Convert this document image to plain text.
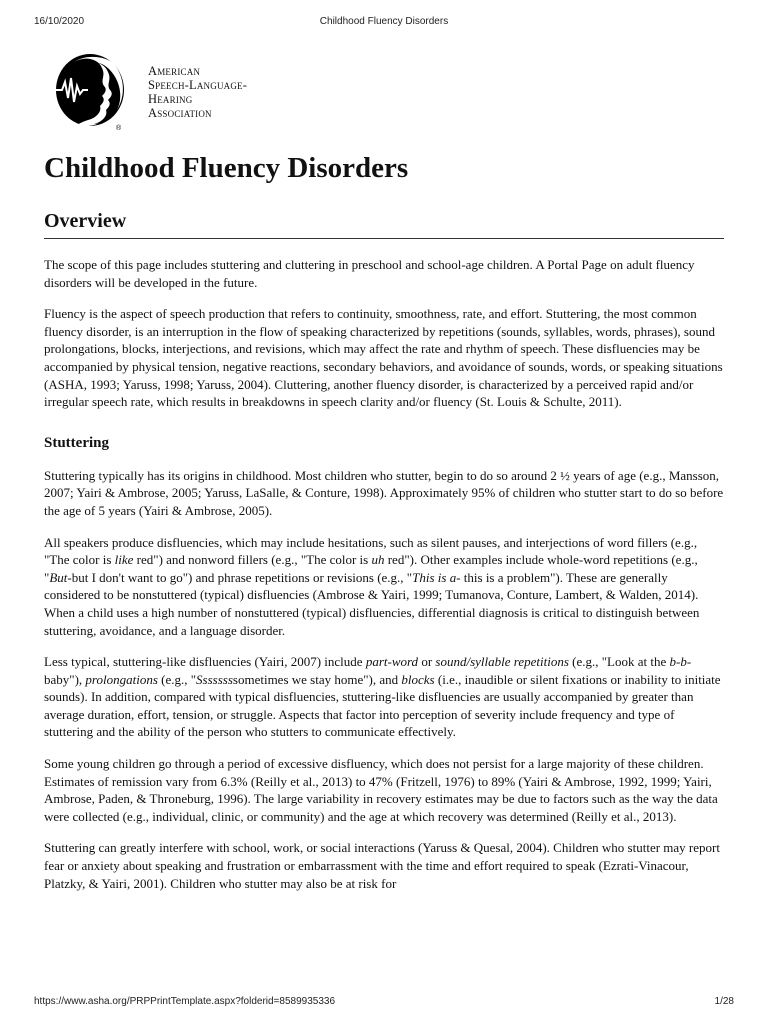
16/10/2020	Childhood Fluency Disorders
®
American
Speech-Language-
Hearing
Association
Childhood Fluency Disorders
Overview

The scope of this page includes stuttering and cluttering in preschool and school-age children. A Portal Page on adult fluency disorders will be developed in the future.

Fluency is the aspect of speech production that refers to continuity, smoothness, rate, and effort. Stuttering, the most common fluency disorder, is an interruption in the flow of speaking characterized by repetitions (sounds, syllables, words, phrases), sound prolongations, blocks, interjections, and revisions, which may affect the rate and rhythm of speech. These disfluencies may be accompanied by physical tension, negative reactions, secondary behaviors, and avoidance of sounds, words, or speaking situations (ASHA, 1993; Yaruss, 1998; Yaruss, 2004). Cluttering, another fluency disorder, is characterized by a perceived rapid and/or irregular speech rate, which results in breakdowns in speech clarity and/or fluency (St. Louis & Schulte, 2011).

Stuttering

Stuttering typically has its origins in childhood. Most children who stutter, begin to do so around 2 ½ years of age (e.g., Mansson, 2007; Yairi & Ambrose, 2005; Yaruss, LaSalle, & Conture, 1998). Approximately 95% of children who stutter start to do so before the age of 5 years (Yairi & Ambrose, 2005).

All speakers produce disfluencies, which may include hesitations, such as silent pauses, and interjections of word fillers (e.g., "The color is like red") and nonword fillers (e.g., "The color is uh red"). Other examples include whole-word repetitions (e.g., "But-but I don't want to go") and phrase repetitions or revisions (e.g., "This is a- this is a problem"). These are generally considered to be nonstuttered (typical) disfluencies (Ambrose & Yairi, 1999; Tumanova, Conture, Lambert, & Walden, 2014). When a child uses a high number of nonstuttered (typical) disfluencies, differential diagnosis is critical to distinguish between stuttering, avoidance, and a language disorder.

Less typical, stuttering-like disfluencies (Yairi, 2007) include part-word or sound/syllable repetitions (e.g., "Look at the b-b-baby"), prolongations (e.g., "Ssssssssometimes we stay home"), and blocks (i.e., inaudible or silent fixations or inability to initiate sounds). In addition, compared with typical disfluencies, stuttering-like disfluencies are usually accompanied by greater than average duration, effort, tension, or struggle. Aspects that factor into perception of severity include frequency and type of stuttering and the ability of the person who stutters to communicate effectively.

Some young children go through a period of excessive disfluency, which does not persist for a large majority of these children. Estimates of remission vary from 6.3% (Reilly et al., 2013) to 47% (Fritzell, 1976) to 89% (Yairi & Ambrose, 1992, 1999; Yairi, Ambrose, Paden, & Throneburg, 1996). The large variability in recovery estimates may be due to factors such as the way the data were collected (e.g., individual, clinic, or community) and the age at which recovery was determined (Reilly et al., 2013).

Stuttering can greatly interfere with school, work, or social interactions (Yaruss & Quesal, 2004). Children who stutter may report fear or anxiety about speaking and frustration or embarrassment with the time and effort required to speak (Ezrati-Vinacour, Platzky, & Yairi, 2001). Children who stutter may also be at risk for

https://www.asha.org/PRPPrintTemplate.aspx?folderid=8589935336	1/28
